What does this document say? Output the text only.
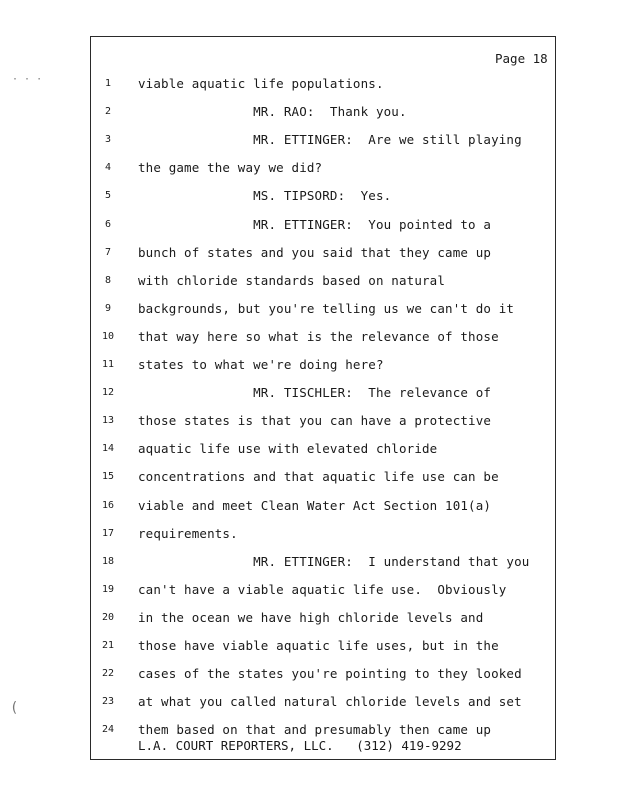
Page 18
1	viable aquatic life populations.
2	MR. RAO:  Thank you.
3	MR. ETTINGER:  Are we still playing
4	the game the way we did?
5	MS. TIPSORD:  Yes.
6	MR. ETTINGER:  You pointed to a
7	bunch of states and you said that they came up
8	with chloride standards based on natural
9	backgrounds, but you're telling us we can't do it
10	that way here so what is the relevance of those
11	states to what we're doing here?
12	MR. TISCHLER:  The relevance of
13	those states is that you can have a protective
14	aquatic life use with elevated chloride
15	concentrations and that aquatic life use can be
16	viable and meet Clean Water Act Section 101(a)
17	requirements.
18	MR. ETTINGER:  I understand that you
19	can't have a viable aquatic life use.  Obviously
20	in the ocean we have high chloride levels and
21	those have viable aquatic life uses, but in the
22	cases of the states you're pointing to they looked
23	at what you called natural chloride levels and set
24	them based on that and presumably then came up
L.A. COURT REPORTERS, LLC.   (312) 419-9292
· · ·
(
